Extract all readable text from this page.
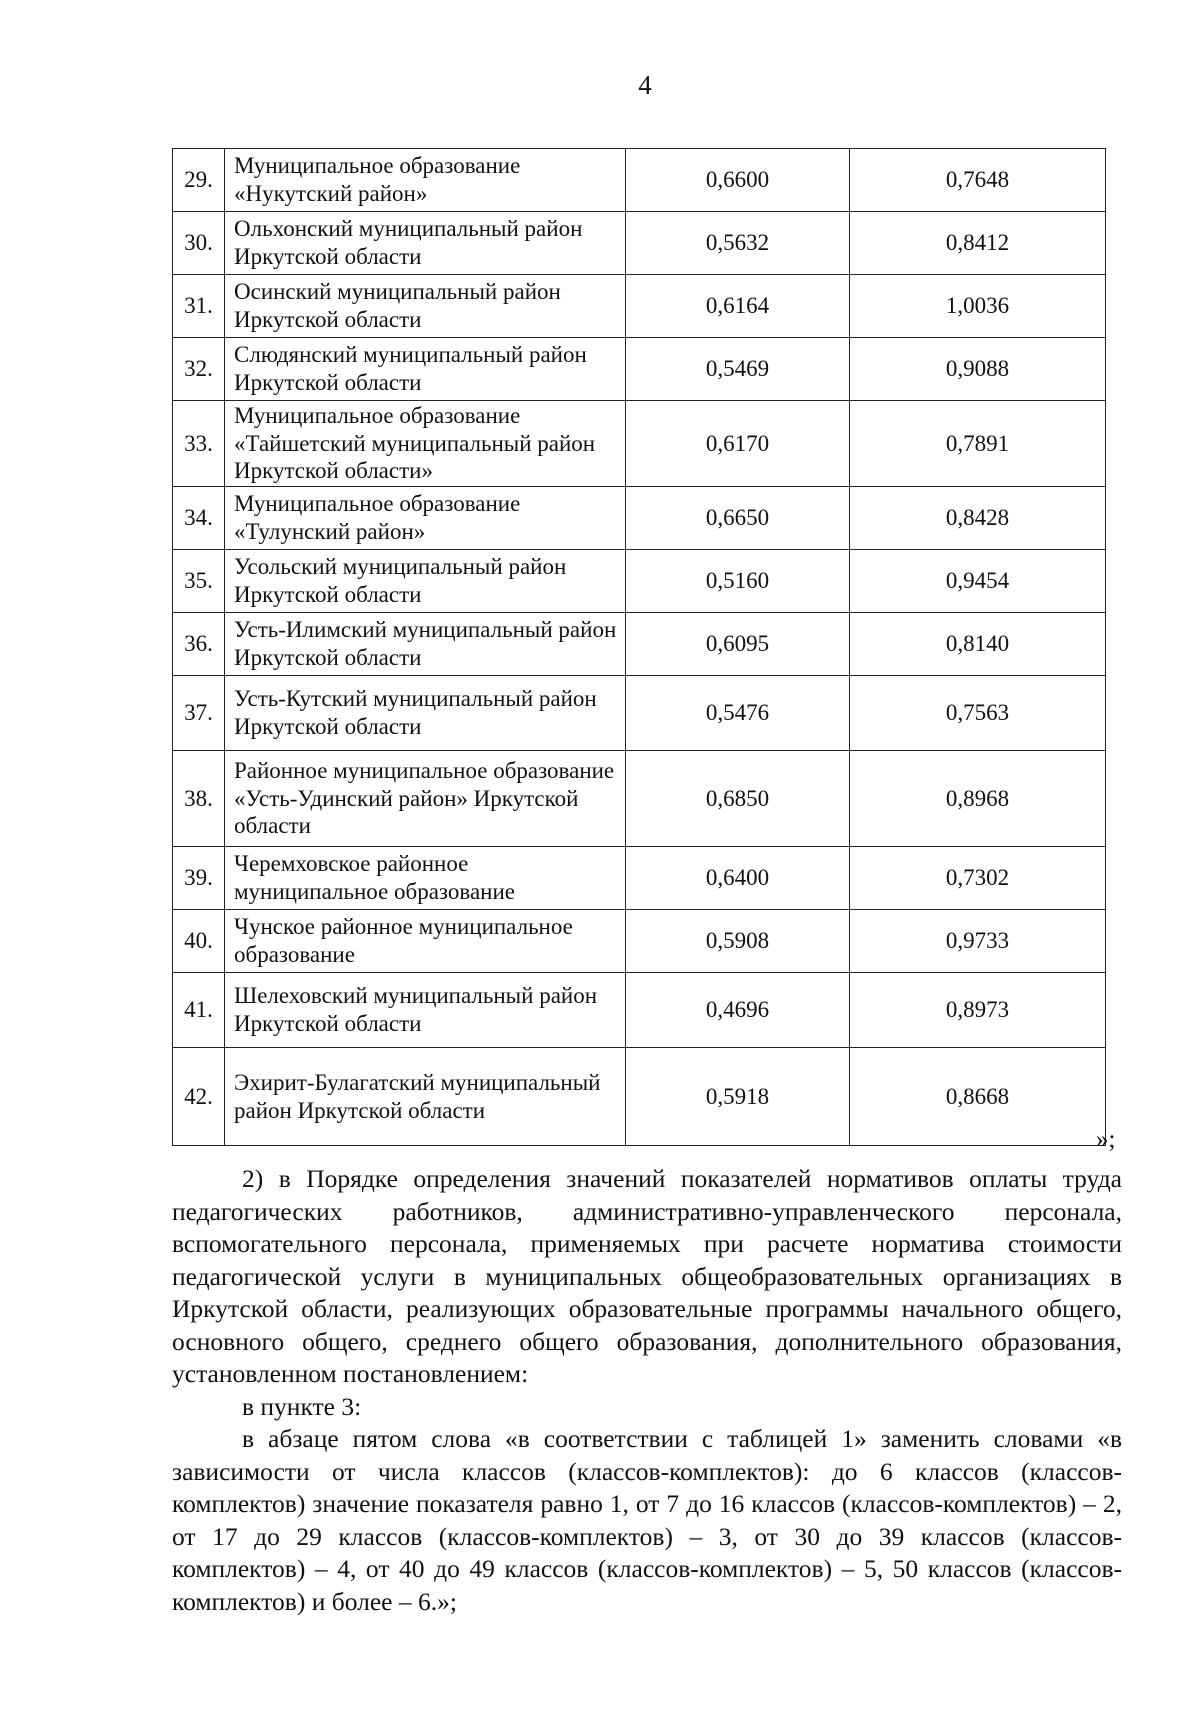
4
29.	Муниципальное образование «Нукутский район»	0,6600	0,7648
30.	Ольхонский муниципальный район Иркутской области	0,5632	0,8412
31.	Осинский муниципальный район Иркутской области	0,6164	1,0036
32.	Слюдянский муниципальный район Иркутской области	0,5469	0,9088
33.	Муниципальное образование «Тайшетский муниципальный район Иркутской области»	0,6170	0,7891
34.	Муниципальное образование «Тулунский район»	0,6650	0,8428
35.	Усольский муниципальный район Иркутской области	0,5160	0,9454
36.	Усть-Илимский муниципальный район Иркутской области	0,6095	0,8140
37.	Усть-Кутский муниципальный район Иркутской области	0,5476	0,7563
38.	Районное муниципальное образование «Усть-Удинский район» Иркутской области	0,6850	0,8968
39.	Черемховское районное муниципальное образование	0,6400	0,7302
40.	Чунское районное муниципальное образование	0,5908	0,9733
41.	Шелеховский муниципальный район Иркутской области	0,4696	0,8973
42.	Эхирит-Булагатский муниципальный район Иркутской области	0,5918	0,8668
»;

2) в Порядке определения значений показателей нормативов оплаты труда педагогических работников, административно-управленческого персонала, вспомогательного персонала, применяемых при расчете норматива стоимости педагогической услуги в муниципальных общеобразовательных организациях в Иркутской области, реализующих образовательные программы начального общего, основного общего, среднего общего образования, дополнительного образования, установленном постановлением:

в пункте 3:

в абзаце пятом слова «в соответствии с таблицей 1» заменить словами «в зависимости от числа классов (классов-комплектов): до 6 классов (классов-комплектов) значение показателя равно 1, от 7 до 16 классов (классов-комплектов) – 2, от 17 до 29 классов (классов-комплектов) – 3, от 30 до 39 классов (классов-комплектов) – 4, от 40 до 49 классов (классов-комплектов) – 5, 50 классов (классов-комплектов) и более – 6.»;
